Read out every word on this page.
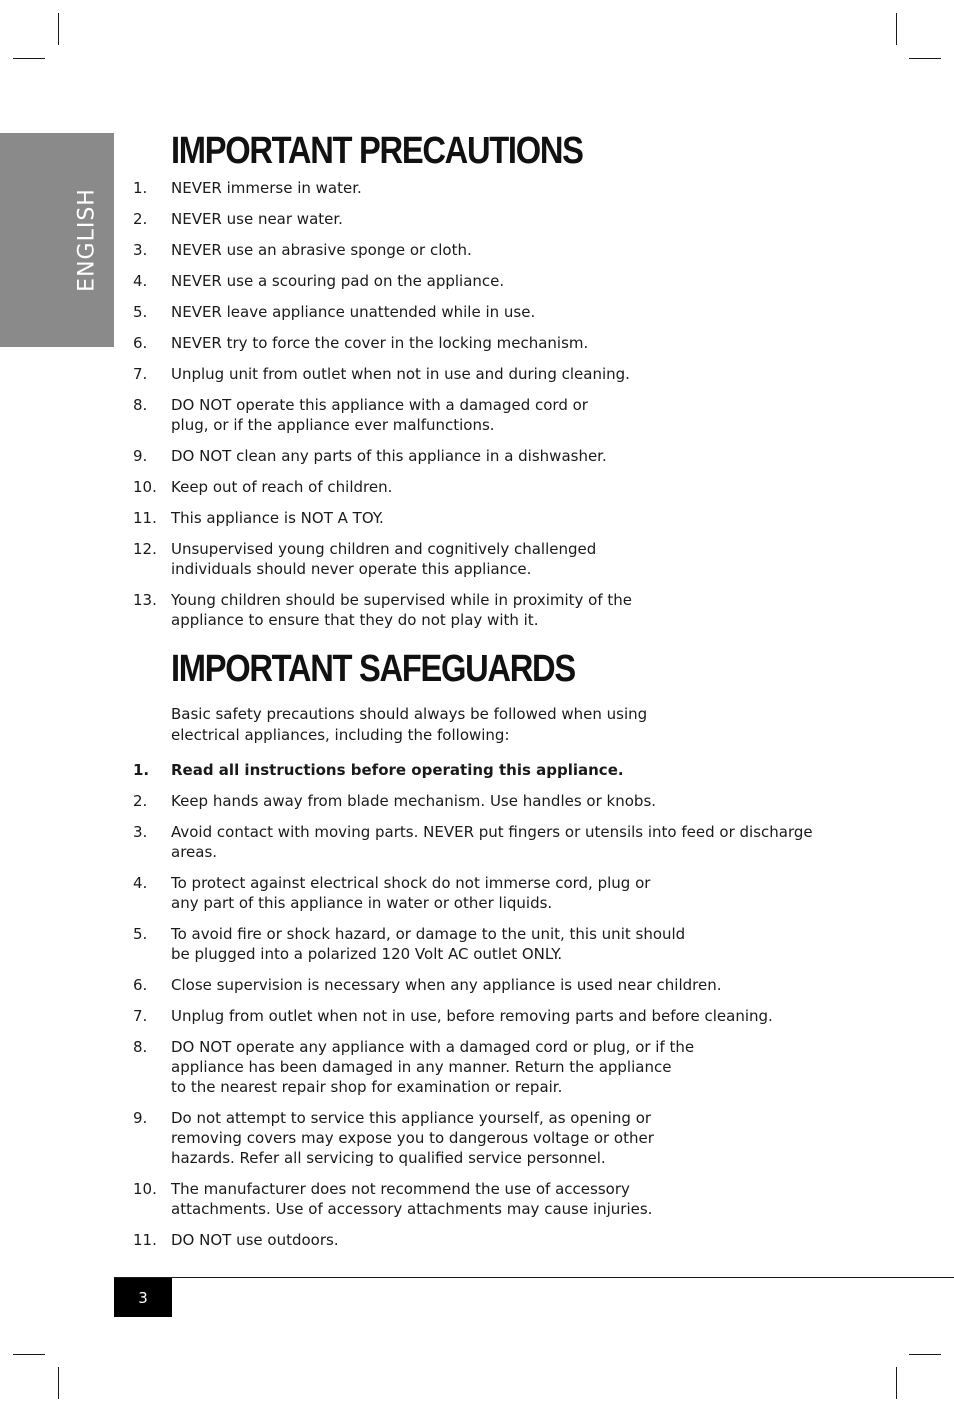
ENGLISH
IMPORTANT PRECAUTIONS
1.	NEVER immerse in water.
2.	NEVER use near water.
3.	NEVER use an abrasive sponge or cloth.
4.	NEVER use a scouring pad on the appliance.
5.	NEVER leave appliance unattended while in use.
6.	NEVER try to force the cover in the locking mechanism.
7.	Unplug unit from outlet when not in use and during cleaning.
8.	DO NOT operate this appliance with a damaged cord or
plug, or if the appliance ever malfunctions.
9.	DO NOT clean any parts of this appliance in a dishwasher.
10. Keep out of reach of children.
11. This appliance is NOT A TOY.
12. Unsupervised young children and cognitively challenged
individuals should never operate this appliance.
13. Young children should be supervised while in proximity of the
appliance to ensure that they do not play with it.
IMPORTANT SAFEGUARDS
Basic safety precautions should always be followed when using
electrical appliances, including the following:
1.	Read all instructions before operating this appliance.
2.	Keep hands away from blade mechanism. Use handles or knobs.
3.	Avoid contact with moving parts. NEVER put fingers or utensils into feed or discharge areas.
4.	To protect against electrical shock do not immerse cord, plug or
any part of this appliance in water or other liquids.
5.	To avoid fire or shock hazard, or damage to the unit, this unit should
be plugged into a polarized 120 Volt AC outlet ONLY.
6.	Close supervision is necessary when any appliance is used near children.
7.	Unplug from outlet when not in use, before removing parts and before cleaning.
8.	DO NOT operate any appliance with a damaged cord or plug, or if the
appliance has been damaged in any manner. Return the appliance
to the nearest repair shop for examination or repair.
9.	Do not attempt to service this appliance yourself, as opening or
removing covers may expose you to dangerous voltage or other
hazards. Refer all servicing to qualified service personnel.
10. The manufacturer does not recommend the use of accessory
attachments. Use of accessory attachments may cause injuries.
11. DO NOT use outdoors.
3
